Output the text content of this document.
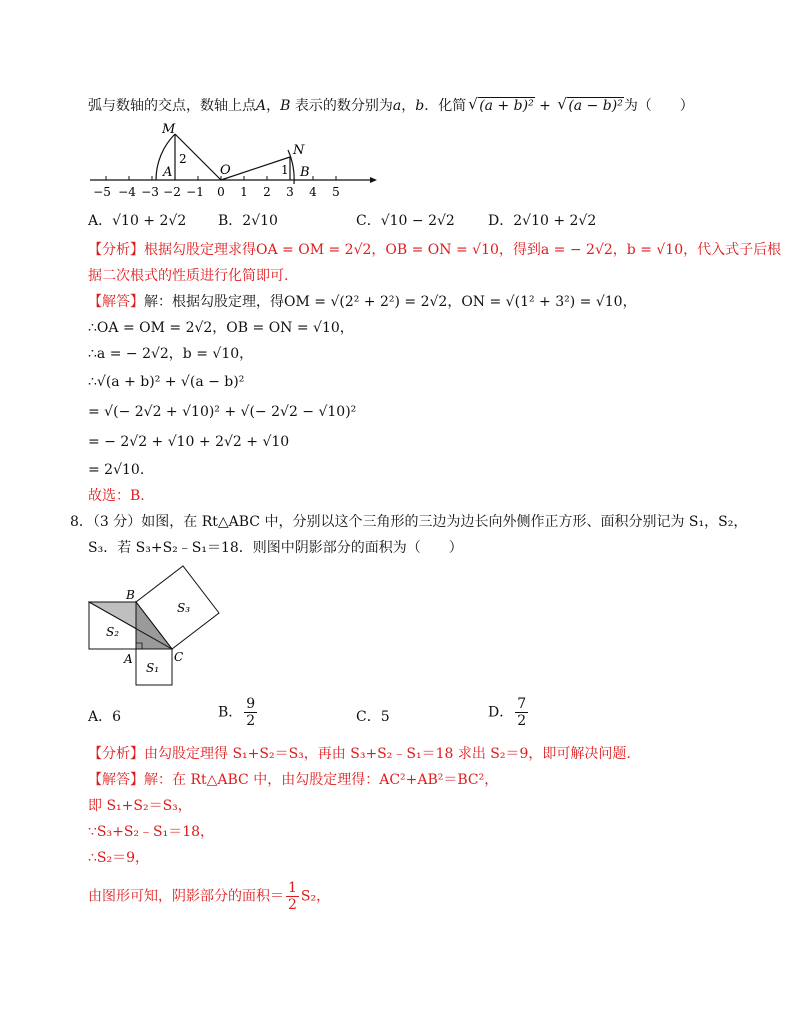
弧与数轴的交点，数轴上点A，B 表示的数分别为a，b．化简√ (a + b)² + √ (a − b)²为（　　）
−5 −4 −3 −2 −1 0 1 2 3 4 5
M
A	O
N
B
2
1
A．√10 + 2√2 B．2√10	C．√10 − 2√2 D．2√10 + 2√2
【分析】根据勾股定理求得OA = OM = 2√2，OB = ON = √10，得到a = − 2√2，b = √10，代入式子后根
据二次根式的性质进行化简即可.
【解答】解：根据勾股定理，得OM = √(2² + 2²) = 2√2，ON = √(1² + 3²) = √10，
∴OA = OM = 2√2，OB = ON = √10，
∴a = − 2√2，b = √10，
∴√(a + b)² + √(a − b)²
= √(− 2√2 + √10)² + √(− 2√2 − √10)²
= − 2√2 + √10 + 2√2 + √10
= 2√10.
故选：B.
8．（3 分）如图，在 Rt△ABC 中，分别以这个三角形的三边为边长向外侧作正方形、面积分别记为 S₁，S₂，
S₃．若 S₃+S₂﹣S₁＝18．则图中阴影部分的面积为（　　）
B
A	C
S₁
S₂
S₃
A．6	B． $\frac{9}{2}$	C．5	D． $\frac{7}{2}$
【分析】由勾股定理得 S₁+S₂＝S₃，再由 S₃+S₂﹣S₁＝18 求出 S₂＝9，即可解决问题.
【解答】解：在 Rt△ABC 中，由勾股定理得：AC²+AB²＝BC²，
即 S₁+S₂＝S₃，
∵S₃+S₂﹣S₁＝18，
∴S₂＝9，
由图形可知，阴影部分的面积＝ $\frac{1}{2} S_2$，
